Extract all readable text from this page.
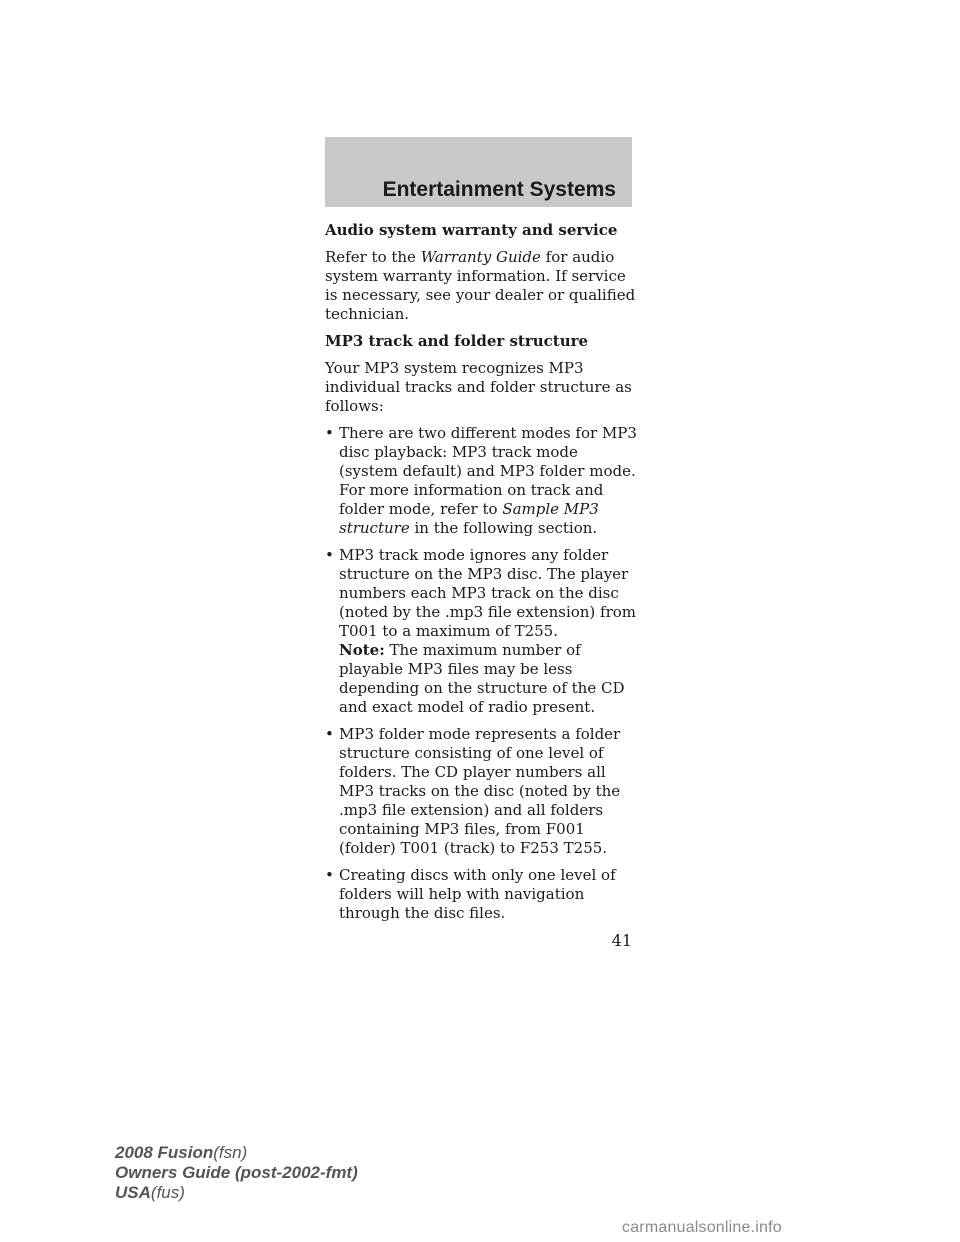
Entertainment Systems

Audio system warranty and service

Refer to the Warranty Guide for audio system warranty information. If service is necessary, see your dealer or qualified technician.

MP3 track and folder structure

Your MP3 system recognizes MP3 individual tracks and folder structure as follows:

• There are two different modes for MP3 disc playback: MP3 track mode (system default) and MP3 folder mode. For more information on track and folder mode, refer to Sample MP3 structure in the following section.
• MP3 track mode ignores any folder structure on the MP3 disc. The player numbers each MP3 track on the disc (noted by the .mp3 file extension) from T001 to a maximum of T255.
Note: The maximum number of playable MP3 files may be less depending on the structure of the CD and exact model of radio present.
• MP3 folder mode represents a folder structure consisting of one level of folders. The CD player numbers all MP3 tracks on the disc (noted by the .mp3 file extension) and all folders containing MP3 files, from F001 (folder) T001 (track) to F253 T255.
• Creating discs with only one level of folders will help with navigation through the disc files.
41
2008 Fusion(fsn)
Owners Guide (post-2002-fmt)
USA(fus)
carmanualsonline.info
